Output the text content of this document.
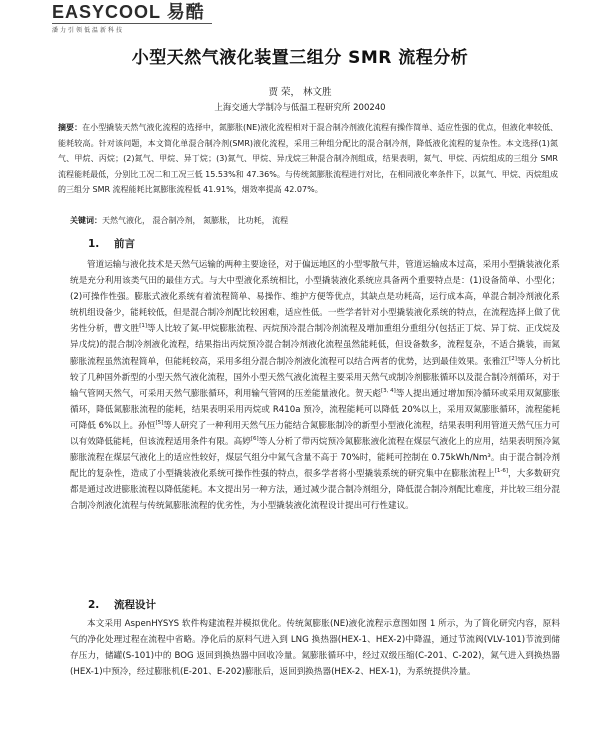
EASYCOOL 易酷
潘力引领低温新科技
小型天然气液化装置三组分 SMR 流程分析
贾 荣， 林文胜
上海交通大学制冷与低温工程研究所 200240
摘要：在小型撬装天然气液化流程的选择中，氮膨胀(NE)液化流程相对于混合制冷剂液化流程有操作简单、适应性强的优点，但液化率较低、能耗较高。针对该问题，本文简化单混合制冷剂(SMR)液化流程，采用三种组分配比的混合制冷剂，降低液化流程的复杂性。本文选择(1)氮气、甲烷、丙烷；(2)氮气、甲烷、异丁烷；(3)氮气、甲烷、异戊烷三种混合制冷剂组成，结果表明，氮气、甲烷、丙烷组成的三组分 SMR 流程能耗最低，分别比工况二和工况三低 15.53%和 47.36%。与传统氮膨胀流程进行对比，在相同液化率条件下，以氮气、甲烷、丙烷组成的三组分 SMR 流程能耗比氮膨胀流程低 41.91%，烟效率提高 42.07%。
关键词：天然气液化， 混合制冷剂， 氮膨胀， 比功耗， 流程
1. 前言

管道运输与液化技术是天然气运输的两种主要途径，对于偏远地区的小型零散气井，管道运输成本过高，采用小型撬装液化系统是充分利用该类气田的最佳方式。与大中型液化系统相比，小型撬装液化系统应具备两个重要特点是：(1)设备简单、小型化；(2)可操作性强。膨胀式液化系统有着流程简单、易操作、维护方便等优点，其缺点是功耗高，运行成本高，单混合制冷剂液化系统机组设备少，能耗较低，但是混合制冷剂配比较困难，适应性低。一些学者针对小型撬装液化系统的特点，在流程选择上做了优劣性分析，曹文胜[1]等人比较了氮-甲烷膨胀流程、丙烷预冷混合制冷剂流程及增加重组分重组分(包括正丁烷、异丁烷、正戊烷及异戊烷)的混合制冷剂液化流程，结果指出丙烷预冷混合制冷剂液化流程虽然能耗低，但设备数多，流程复杂，不适合撬装，而氮膨胀流程虽然流程简单，但能耗较高，采用多组分混合制冷剂液化流程可以结合两者的优势，达到最佳效果。张雅江[2]等人分析比较了几种国外新型的小型天然气液化流程，国外小型天然气液化流程主要采用天然气或制冷剂膨胀循环以及混合制冷剂循环，对于输气管网天然气，可采用天然气膨胀循环，利用输气管网的压差能量液化。贺天彪[3, 4]等人提出通过增加预冷循环或采用双氮膨胀循环，降低氮膨胀流程的能耗，结果表明采用丙烷或 R410a 预冷，流程能耗可以降低 20%以上，采用双氮膨胀循环，流程能耗可降低 6%以上。孙恒[5]等人研究了一种利用天然气压力能结合氮膨胀制冷的新型小型液化流程，结果表明利用管道天然气压力可以有效降低能耗，但该流程适用条件有限。高婷[6]等人分析了带丙烷预冷氮膨胀液化流程在煤层气液化上的应用，结果表明预冷氮膨胀流程在煤层气液化上的适应性较好，煤层气组分中氮气含量不高于 70%时，能耗可控制在 0.75kWh/Nm³。由于混合制冷剂配比的复杂性，造成了小型撬装液化系统可操作性强的特点，很多学者将小型撬装系统的研究集中在膨胀流程上[1-6]，大多数研究都是通过改进膨胀流程以降低能耗。本文提出另一种方法，通过减少混合制冷剂组分，降低混合制冷剂配比难度，并比较三组分混合制冷剂液化流程与传统氮膨胀流程的优劣性，为小型撬装液化流程设计提出可行性建议。

2. 流程设计

本文采用 AspenHYSYS 软件构建流程并模拟优化。传统氮膨胀(NE)液化流程示意图如图 1 所示，为了简化研究内容，原料气的净化处理过程在流程中省略。净化后的原料气进入到 LNG 换热器(HEX-1、HEX-2)中降温，通过节流阀(VLV-101)节流到储存压力，储罐(S-101)中的 BOG 返回到换热器中回收冷量。氮膨胀循环中，经过双级压缩(C-201、C-202)，氮气进入到换热器(HEX-1)中预冷，经过膨胀机(E-201、E-202)膨胀后，返回到换热器(HEX-2、HEX-1)，为系统提供冷量。
